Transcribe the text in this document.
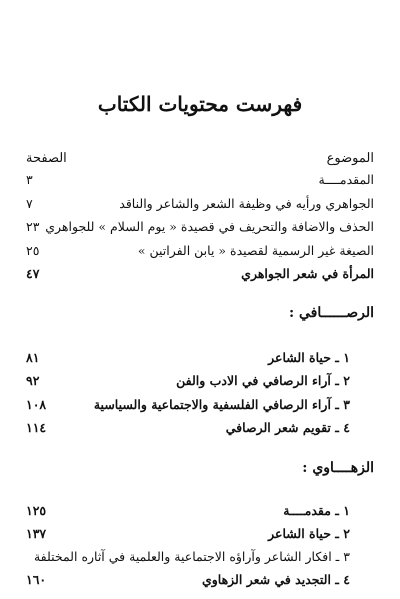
فهرست محتويات الكتاب
الموضوع
الصفحة
المقدمــــة
٣
الجواهري ورأيه في وظيفة الشعر والشاعر والناقد
٧
الحذف والاضافة والتحريف في قصيدة « يوم السلام » للجواهري
٢٣
الصيغة غير الرسمية لقصيدة « يابن الفراتين »
٢٥
المرأة في شعر الجواهري
٤٧
الرصــــــافي :
١ ـ حياة الشاعر
٨١
٢ ـ آراء الرصافي في الادب والفن
٩٢
٣ ـ آراء الرصافي الفلسفية والاجتماعية والسياسية
١٠٨
٤ ـ تقويم شعر الرصافي
١١٤
الزهــــاوي :
١ ـ مقدمــــة
١٢٥
٢ ـ حياة الشاعر
١٣٧
٣ ـ افكار الشاعر وآراؤه الاجتماعية والعلمية في آثاره المختلفة
٤ ـ التجديد في شعر الزهاوي
١٦٠
